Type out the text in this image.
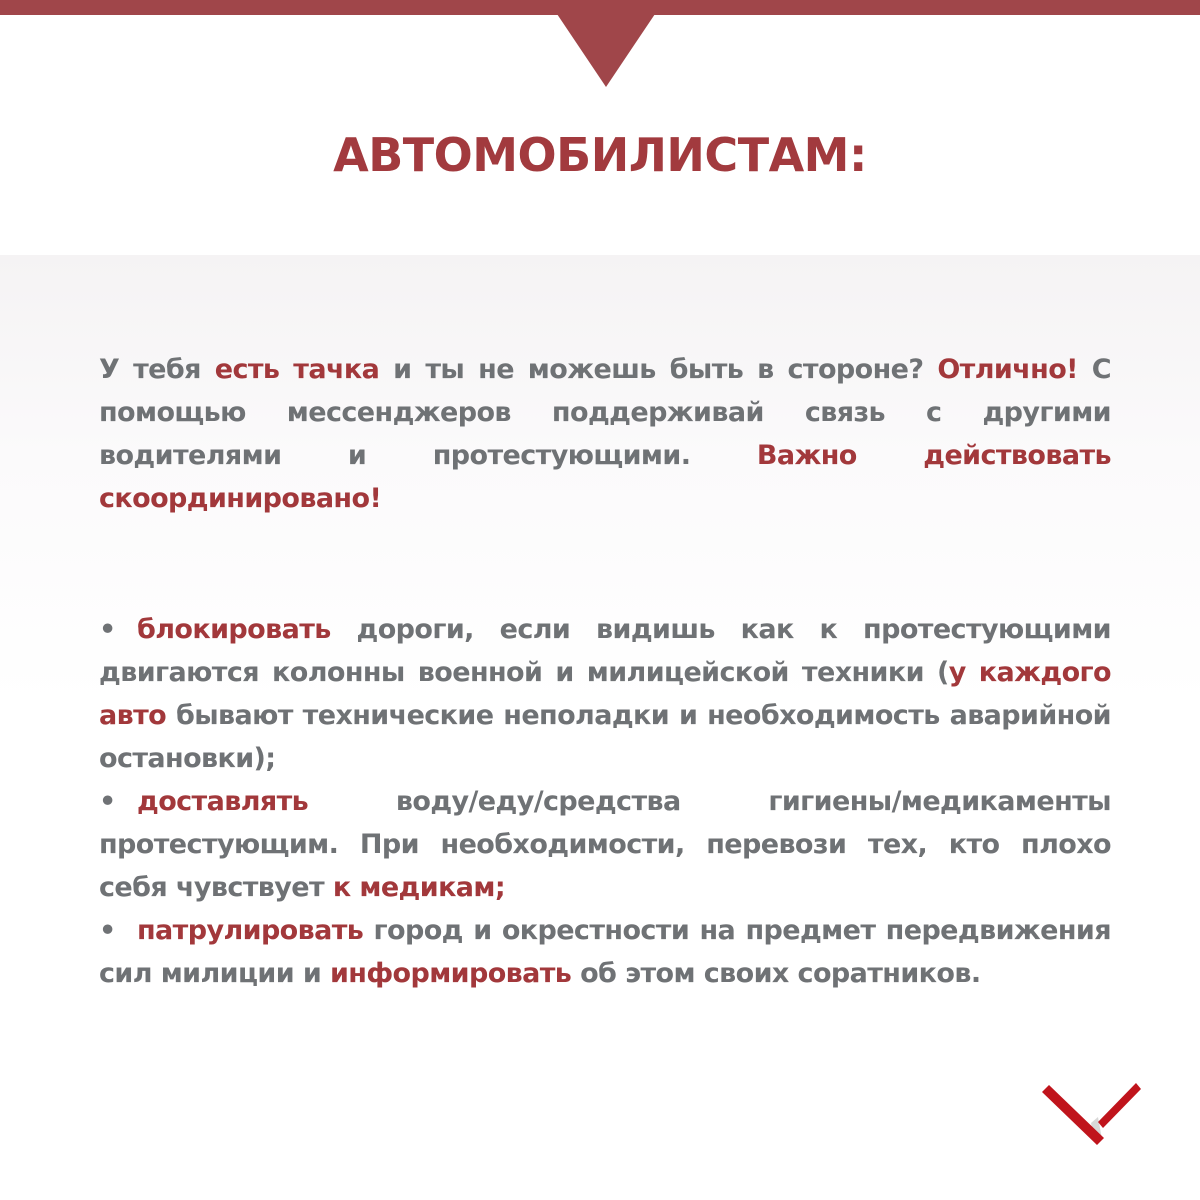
АВТОМОБИЛИСТАМ:

У тебя есть тачка и ты не можешь быть в стороне? Отлично! С помощью мессенджеров поддерживай связь с другими водителями и протестующими. Важно действовать скоординировано!

• блокировать дороги, если видишь как к протестующими двигаются колонны военной и милицейской техники (у каждого авто бывают технические неполадки и необходимость аварийной остановки);

• доставлять воду/еду/средства гигиены/медикаменты протестующим. При необходимости, перевози тех, кто плохо себя чувствует к медикам;

• патрулировать город и окрестности на предмет передвижения сил милиции и информировать об этом своих соратников.
